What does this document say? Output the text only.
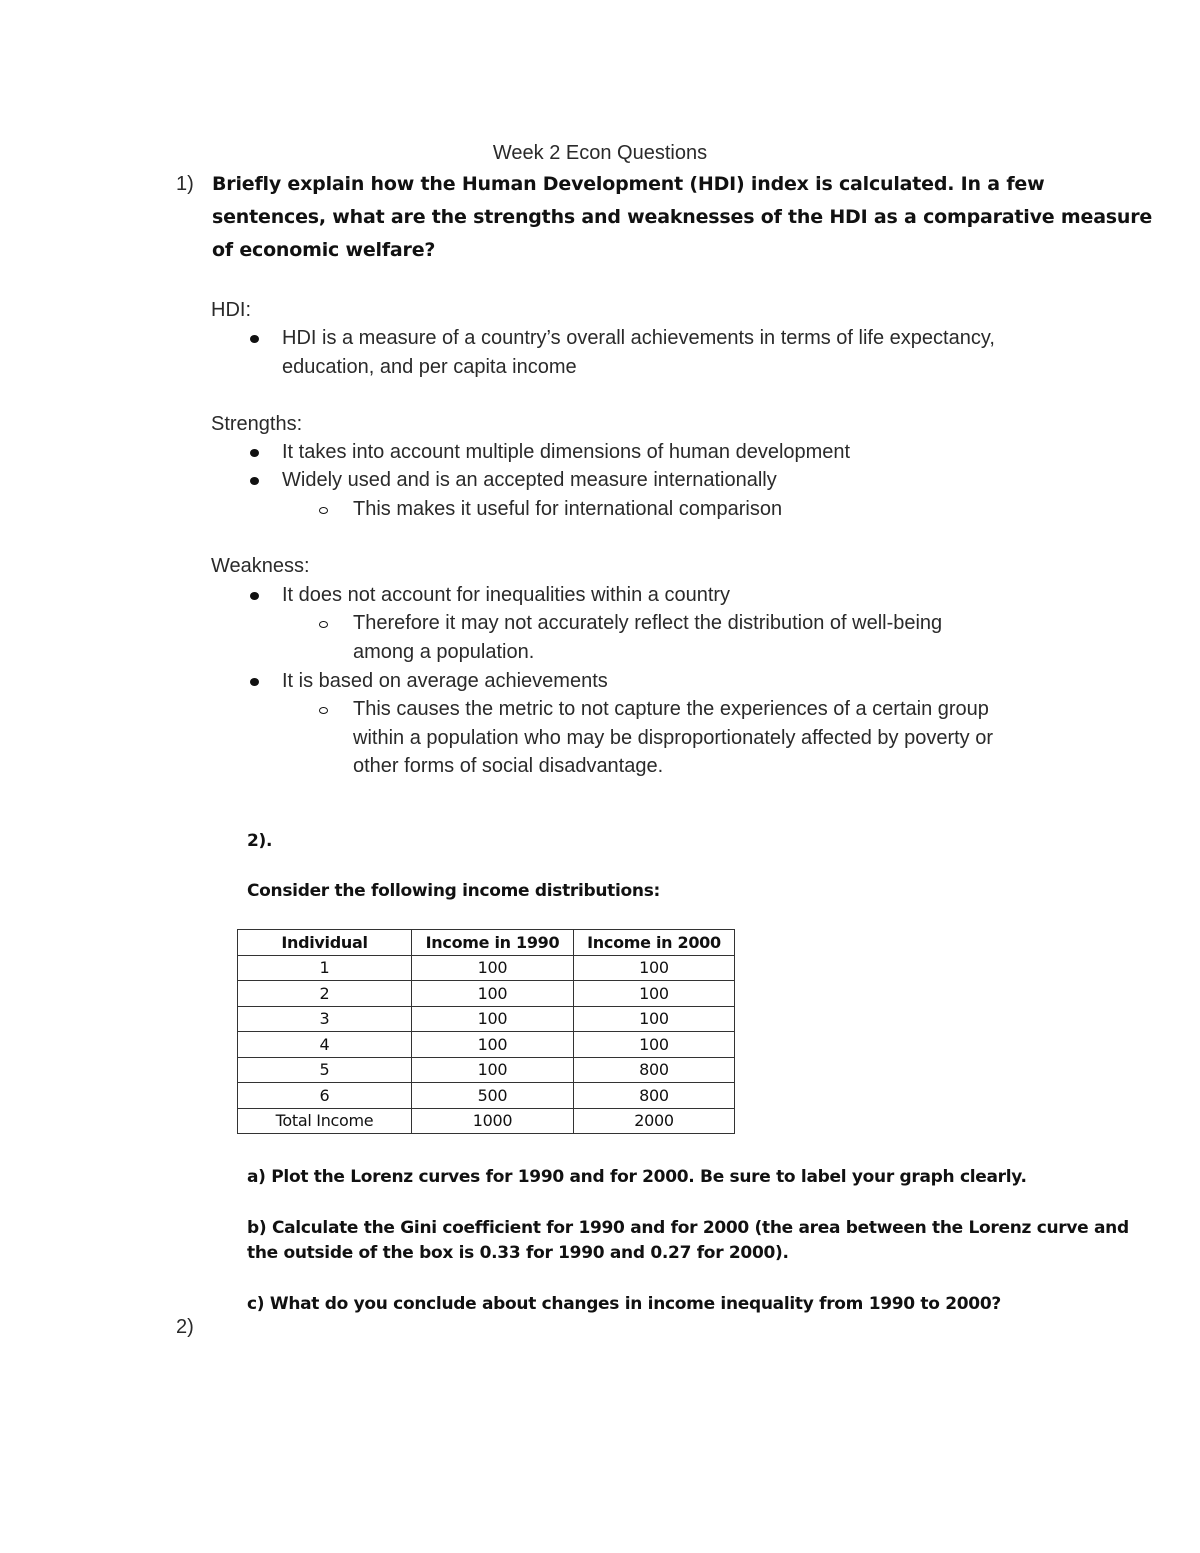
Week 2 Econ Questions
1) Briefly explain how the Human Development (HDI) index is calculated. In a few
sentences, what are the strengths and weaknesses of the HDI as a comparative measure
of economic welfare?
HDI:
HDI is a measure of a country’s overall achievements in terms of life expectancy,
education, and per capita income
Strengths:
It takes into account multiple dimensions of human development
Widely used and is an accepted measure internationally
This makes it useful for international comparison
Weakness:
It does not account for inequalities within a country
Therefore it may not accurately reflect the distribution of well-being
among a population.
It is based on average achievements
This causes the metric to not capture the experiences of a certain group
within a population who may be disproportionately affected by poverty or
other forms of social disadvantage.
2).
Consider the following income distributions:
Individual	Income in 1990	Income in 2000
1	100	100
2	100	100
3	100	100
4	100	100
5	100	800
6	500	800
Total Income	1000	2000
a) Plot the Lorenz curves for 1990 and for 2000. Be sure to label your graph clearly.
b) Calculate the Gini coefficient for 1990 and for 2000 (the area between the Lorenz curve and
the outside of the box is 0.33 for 1990 and 0.27 for 2000).
c) What do you conclude about changes in income inequality from 1990 to 2000?
2)
